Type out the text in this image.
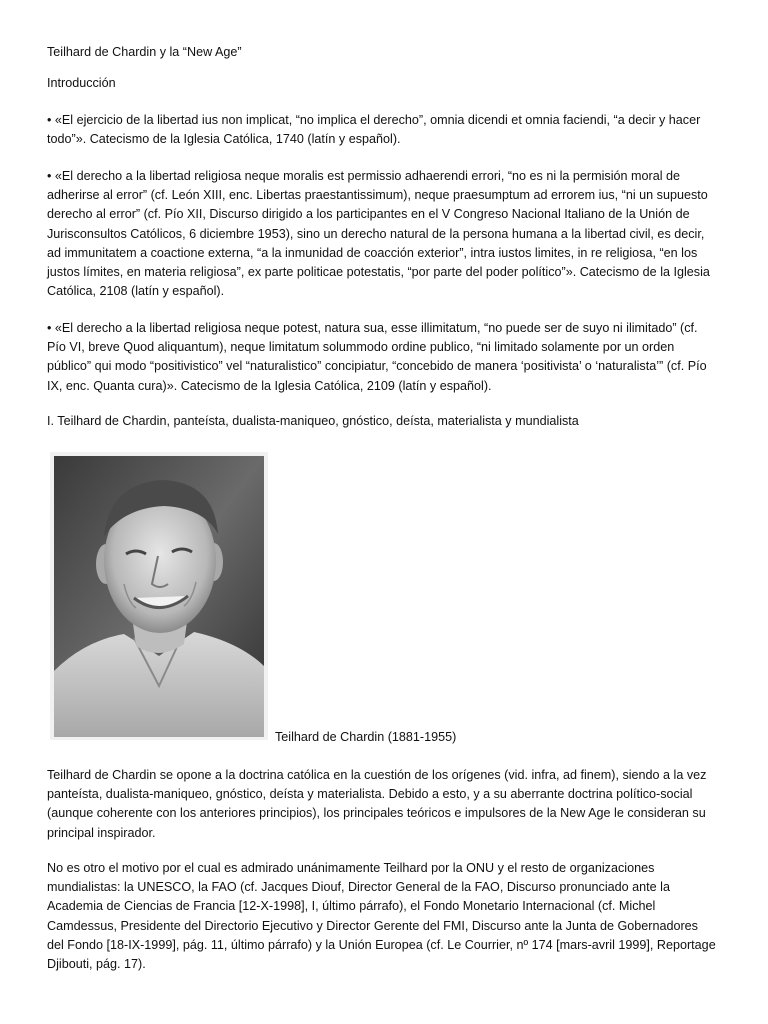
Teilhard de Chardin y la “New Age”

Introducción

• «El ejercicio de la libertad ius non implicat, “no implica el derecho”, omnia dicendi et omnia faciendi, “a decir y hacer todo”». Catecismo de la Iglesia Católica, 1740 (latín y español).

• «El derecho a la libertad religiosa neque moralis est permissio adhaerendi errori, “no es ni la permisión moral de adherirse al error” (cf. León XIII, enc. Libertas praestantissimum), neque praesumptum ad errorem ius, “ni un supuesto derecho al error” (cf. Pío XII, Discurso dirigido a los participantes en el V Congreso Nacional Italiano de la Unión de Jurisconsultos Católicos, 6 diciembre 1953), sino un derecho natural de la persona humana a la libertad civil, es decir, ad immunitatem a coactione externa, “a la inmunidad de coacción exterior”, intra iustos limites, in re religiosa, “en los justos límites, en materia religiosa”, ex parte politicae potestatis, “por parte del poder político”». Catecismo de la Iglesia Católica, 2108 (latín y español).

• «El derecho a la libertad religiosa neque potest, natura sua, esse illimitatum, “no puede ser de suyo ni ilimitado” (cf. Pío VI, breve Quod aliquantum), neque limitatum solummodo ordine publico, “ni limitado solamente por un orden público” qui modo “positivistico” vel “naturalistico” concipiatur, “concebido de manera ‘positivista’ o ‘naturalista’” (cf. Pío IX, enc. Quanta cura)». Catecismo de la Iglesia Católica, 2109 (latín y español).

I. Teilhard de Chardin, panteísta, dualista-maniqueo, gnóstico, deísta, materialista y mundialista

Teilhard de Chardin (1881-1955)

Teilhard de Chardin se opone a la doctrina católica en la cuestión de los orígenes (vid. infra, ad finem), siendo a la vez panteísta, dualista-maniqueo, gnóstico, deísta y materialista. Debido a esto, y a su aberrante doctrina político-social (aunque coherente con los anteriores principios), los principales teóricos e impulsores de la New Age le consideran su principal inspirador.

No es otro el motivo por el cual es admirado unánimamente Teilhard por la ONU y el resto de organizaciones mundialistas: la UNESCO, la FAO (cf. Jacques Diouf, Director General de la FAO, Discurso pronunciado ante la Academia de Ciencias de Francia [12-X-1998], I, último párrafo), el Fondo Monetario Internacional (cf. Michel Camdessus, Presidente del Directorio Ejecutivo y Director Gerente del FMI, Discurso ante la Junta de Gobernadores del Fondo [18-IX-1999], pág. 11, último párrafo) y la Unión Europea (cf. Le Courrier, nº 174 [mars-avril 1999], Reportage Djibouti, pág. 17).
